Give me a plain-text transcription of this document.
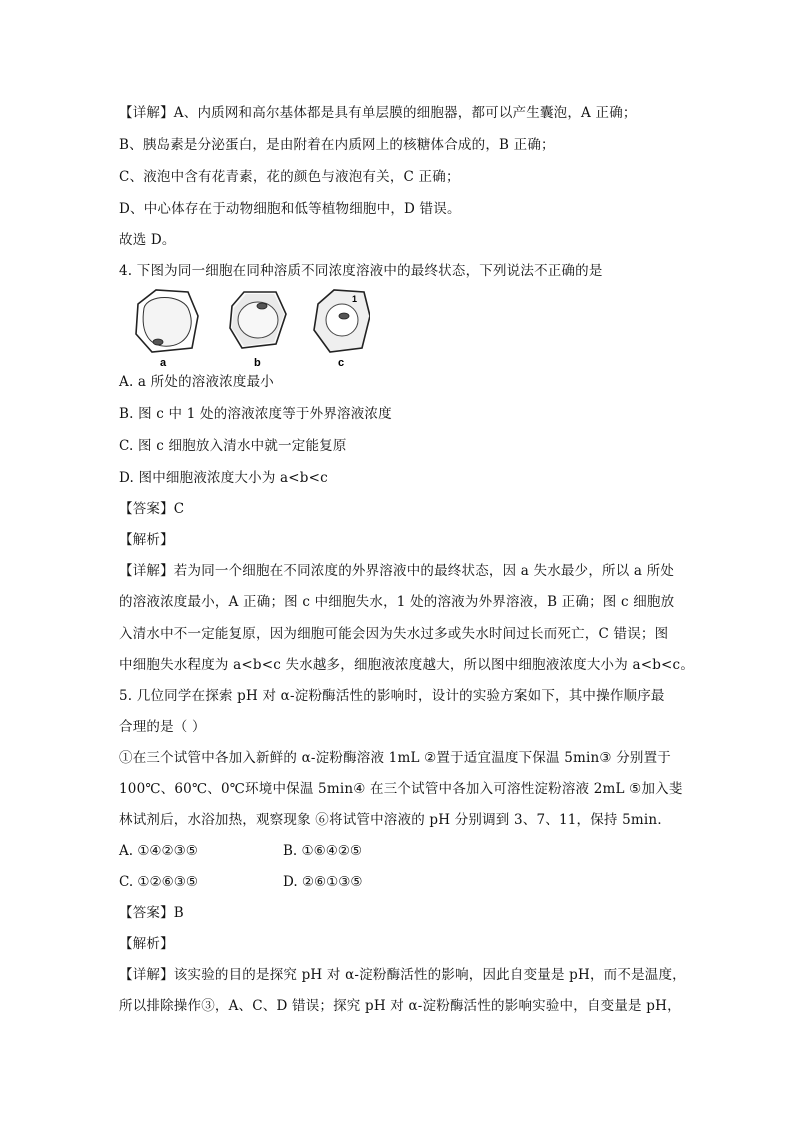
【详解】A、内质网和高尔基体都是具有单层膜的细胞器，都可以产生囊泡，A 正确；
B、胰岛素是分泌蛋白，是由附着在内质网上的核糖体合成的，B 正确；
C、液泡中含有花青素，花的颜色与液泡有关，C 正确；
D、中心体存在于动物细胞和低等植物细胞中，D 错误。
故选 D。
4. 下图为同一细胞在同种溶质不同浓度溶液中的最终状态，下列说法不正确的是
a	b
1
c
A. a 所处的溶液浓度最小
B. 图 c 中 1 处的溶液浓度等于外界溶液浓度
C. 图 c 细胞放入清水中就一定能复原
D. 图中细胞液浓度大小为 a<b<c
【答案】C
【解析】
【详解】若为同一个细胞在不同浓度的外界溶液中的最终状态，因 a 失水最少，所以 a 所处
的溶液浓度最小，A 正确；图 c 中细胞失水，1 处的溶液为外界溶液，B 正确；图 c 细胞放
入清水中不一定能复原，因为细胞可能会因为失水过多或失水时间过长而死亡，C 错误；图
中细胞失水程度为 a<b<c 失水越多，细胞液浓度越大，所以图中细胞液浓度大小为 a<b<c。
5. 几位同学在探索 pH 对 α-淀粉酶活性的影响时，设计的实验方案如下，其中操作顺序最
合理的是（ ）
①在三个试管中各加入新鲜的 α-淀粉酶溶液 1mL ②置于适宜温度下保温 5min③ 分别置于
100℃、60℃、0℃环境中保温 5min④ 在三个试管中各加入可溶性淀粉溶液 2mL ⑤加入斐
林试剂后，水浴加热，观察现象 ⑥将试管中溶液的 pH 分别调到 3、7、11，保持 5min．
A. ①④②③⑤	B. ①⑥④②⑤
C. ①②⑥③⑤	D. ②⑥①③⑤
【答案】B
【解析】
【详解】该实验的目的是探究 pH 对 α-淀粉酶活性的影响，因此自变量是 pH，而不是温度，
所以排除操作③，A、C、D 错误；探究 pH 对 α-淀粉酶活性的影响实验中，自变量是 pH，
